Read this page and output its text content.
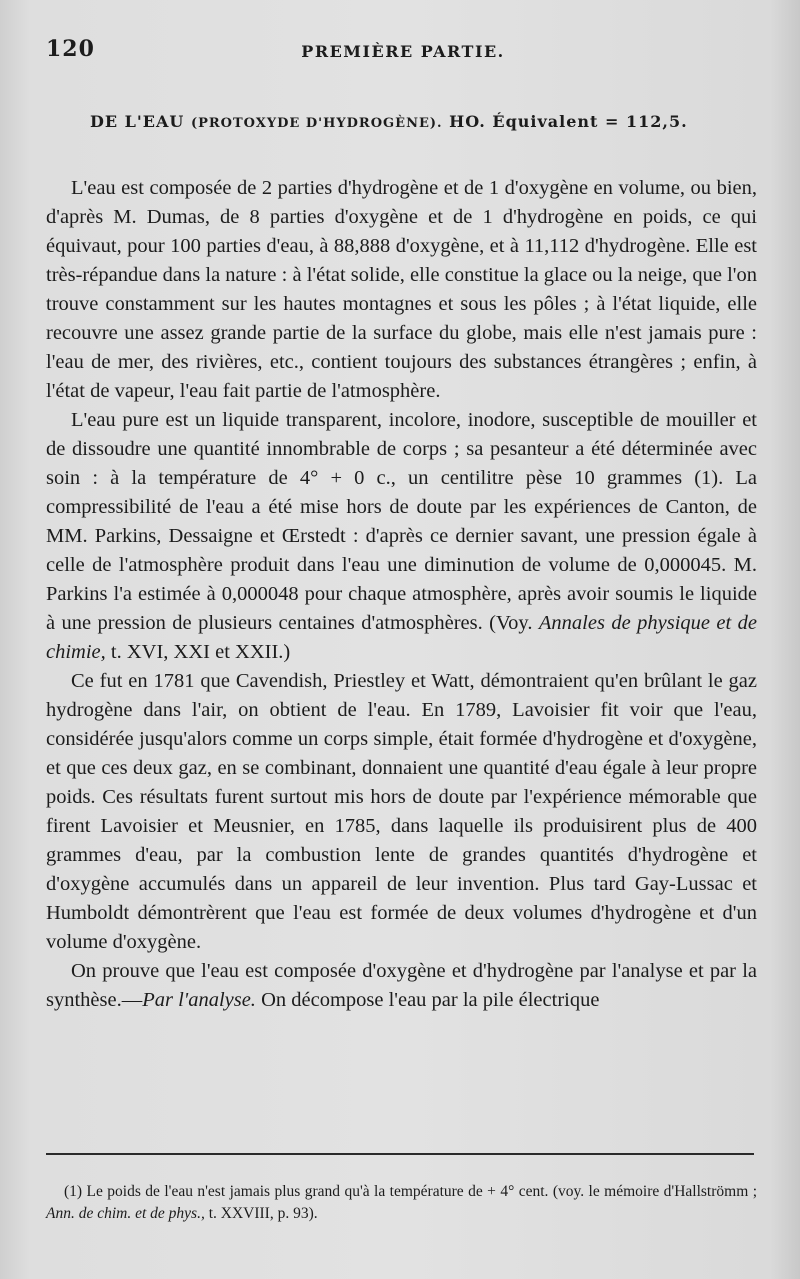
120	PREMIÈRE PARTIE.
DE L'EAU (PROTOXYDE D'HYDROGÈNE). HO. Équivalent = 112,5.

L'eau est composée de 2 parties d'hydrogène et de 1 d'oxygène en volume, ou bien, d'après M. Dumas, de 8 parties d'oxygène et de 1 d'hydrogène en poids, ce qui équivaut, pour 100 parties d'eau, à 88,888 d'oxygène, et à 11,112 d'hydrogène. Elle est très-répandue dans la nature : à l'état solide, elle constitue la glace ou la neige, que l'on trouve constamment sur les hautes montagnes et sous les pôles ; à l'état liquide, elle recouvre une assez grande partie de la surface du globe, mais elle n'est jamais pure : l'eau de mer, des rivières, etc., contient toujours des substances étrangères ; enfin, à l'état de vapeur, l'eau fait partie de l'atmosphère.

L'eau pure est un liquide transparent, incolore, inodore, susceptible de mouiller et de dissoudre une quantité innombrable de corps ; sa pesanteur a été déterminée avec soin : à la température de 4° + 0 c., un centilitre pèse 10 grammes (1). La compressibilité de l'eau a été mise hors de doute par les expériences de Canton, de MM. Parkins, Dessaigne et Œrstedt : d'après ce dernier savant, une pression égale à celle de l'atmosphère produit dans l'eau une diminution de volume de 0,000045. M. Parkins l'a estimée à 0,000048 pour chaque atmosphère, après avoir soumis le liquide à une pression de plusieurs centaines d'atmosphères. (Voy. Annales de physique et de chimie, t. XVI, XXI et XXII.)

Ce fut en 1781 que Cavendish, Priestley et Watt, démontraient qu'en brûlant le gaz hydrogène dans l'air, on obtient de l'eau. En 1789, Lavoisier fit voir que l'eau, considérée jusqu'alors comme un corps simple, était formée d'hydrogène et d'oxygène, et que ces deux gaz, en se combinant, donnaient une quantité d'eau égale à leur propre poids. Ces résultats furent surtout mis hors de doute par l'expérience mémorable que firent Lavoisier et Meusnier, en 1785, dans laquelle ils produisirent plus de 400 grammes d'eau, par la combustion lente de grandes quantités d'hydrogène et d'oxygène accumulés dans un appareil de leur invention. Plus tard Gay-Lussac et Humboldt démontrèrent que l'eau est formée de deux volumes d'hydrogène et d'un volume d'oxygène.

On prouve que l'eau est composée d'oxygène et d'hydrogène par l'analyse et par la synthèse.—Par l'analyse. On décompose l'eau par la pile électrique

(1) Le poids de l'eau n'est jamais plus grand qu'à la température de + 4° cent. (voy. le mémoire d'Hallströmm ; Ann. de chim. et de phys., t. XXVIII, p. 93).
